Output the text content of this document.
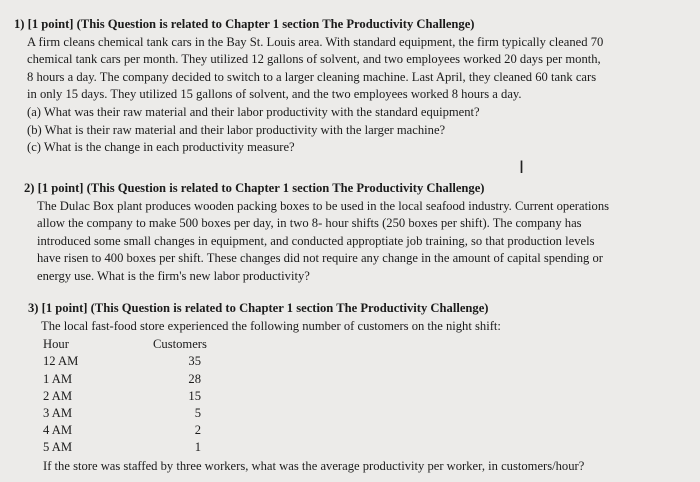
1) [1 point] (This Question is related to Chapter 1 section The Productivity Challenge)
A firm cleans chemical tank cars in the Bay St. Louis area. With standard equipment, the firm typically cleaned 70
chemical tank cars per month. They utilized 12 gallons of solvent, and two employees worked 20 days per month,
8 hours a day. The company decided to switch to a larger cleaning machine. Last April, they cleaned 60 tank cars
in only 15 days. They utilized 15 gallons of solvent, and the two employees worked 8 hours a day.
(a) What was their raw material and their labor productivity with the standard equipment?
(b) What is their raw material and their labor productivity with the larger machine?
(c) What is the change in each productivity measure?
I
2) [1 point] (This Question is related to Chapter 1 section The Productivity Challenge)
The Dulac Box plant produces wooden packing boxes to be used in the local seafood industry. Current operations
allow the company to make 500 boxes per day, in two 8- hour shifts (250 boxes per shift). The company has
introduced some small changes in equipment, and conducted approptiate job training, so that production levels
have risen to 400 boxes per shift. These changes did not require any change in the amount of capital spending or
energy use. What is the firm's new labor productivity?
3) [1 point] (This Question is related to Chapter 1 section The Productivity Challenge)
The local fast-food store experienced the following number of customers on the night shift:
Hour	Customers
12 AM	35
1 AM	28
2 AM	15
3 AM	5
4 AM	2
5 AM	1
If the store was staffed by three workers, what was the average productivity per worker, in customers/hour?
